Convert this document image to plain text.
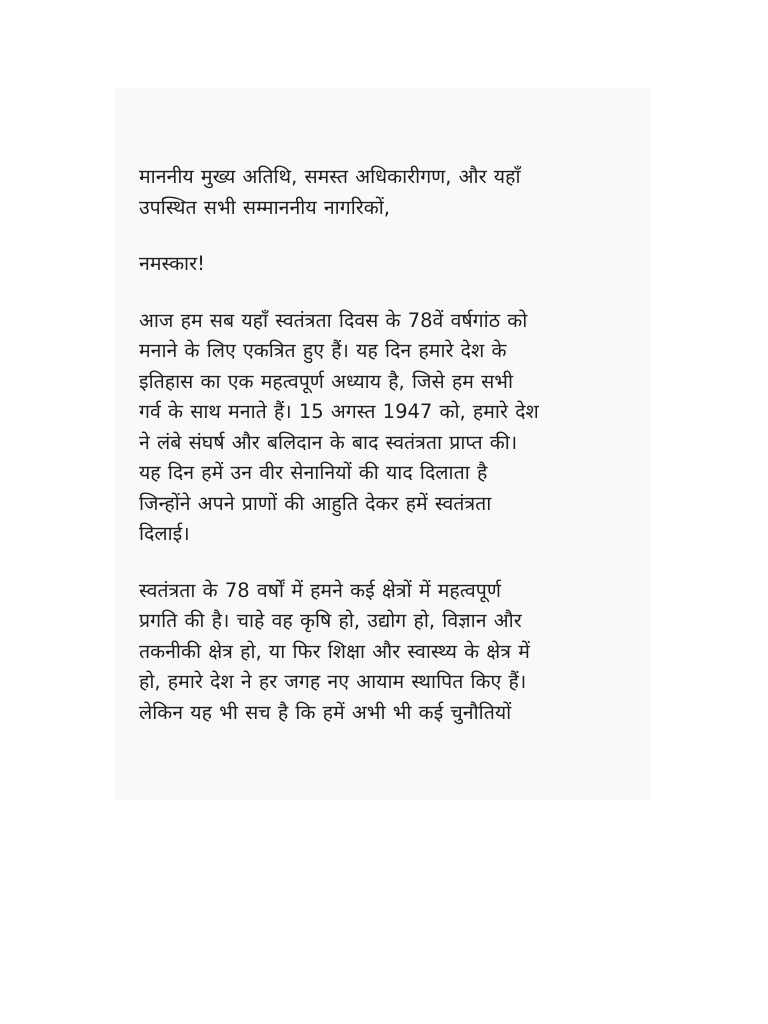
माननीय मुख्य अतिथि, समस्त अधिकारीगण, और यहाँ
उपस्थित सभी सम्माननीय नागरिकों,

नमस्कार!

आज हम सब यहाँ स्वतंत्रता दिवस के 78वें वर्षगांठ को
मनाने के लिए एकत्रित हुए हैं। यह दिन हमारे देश के
इतिहास का एक महत्वपूर्ण अध्याय है, जिसे हम सभी
गर्व के साथ मनाते हैं। 15 अगस्त 1947 को, हमारे देश
ने लंबे संघर्ष और बलिदान के बाद स्वतंत्रता प्राप्त की।
यह दिन हमें उन वीर सेनानियों की याद दिलाता है
जिन्होंने अपने प्राणों की आहुति देकर हमें स्वतंत्रता
दिलाई।

स्वतंत्रता के 78 वर्षों में हमने कई क्षेत्रों में महत्वपूर्ण
प्रगति की है। चाहे वह कृषि हो, उद्योग हो, विज्ञान और
तकनीकी क्षेत्र हो, या फिर शिक्षा और स्वास्थ्य के क्षेत्र में
हो, हमारे देश ने हर जगह नए आयाम स्थापित किए हैं।
लेकिन यह भी सच है कि हमें अभी भी कई चुनौतियों
